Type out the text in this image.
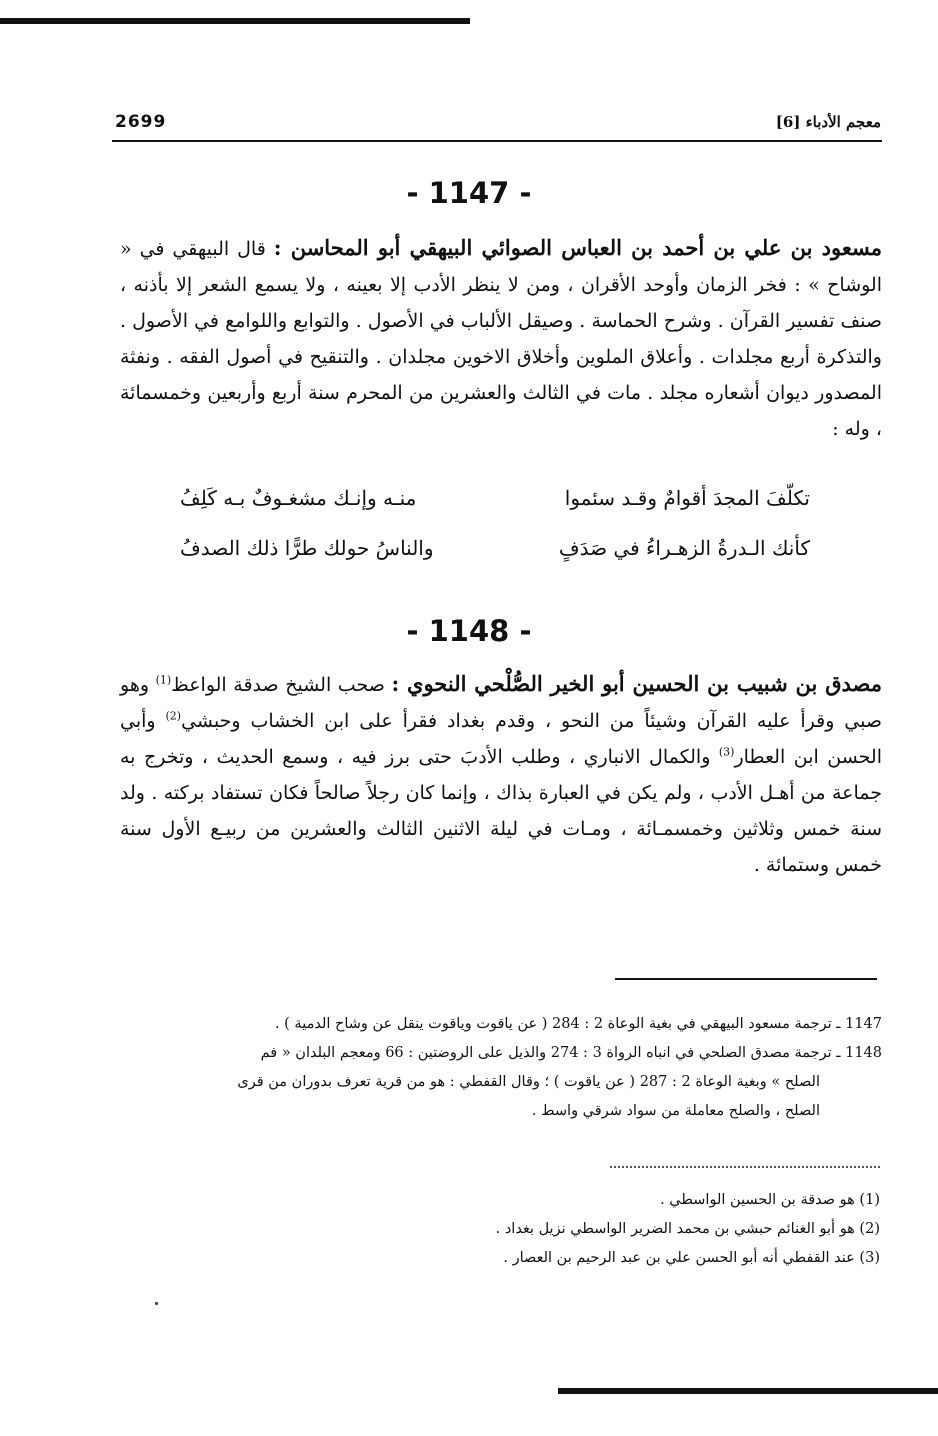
2699	معجم الأدباء [6]
- 1147 -
مسعود بن علي بن أحمد بن العباس الصوائي البيهقي أبو المحاسن : قال البيهقي في « الوشاح » : فخر الزمان وأوحد الأقران ، ومن لا ينظر الأدب إلا بعينه ، ولا يسمع الشعر إلا بأذنه ، صنف تفسير القرآن . وشرح الحماسة . وصيقل الألباب في الأصول . والتوابع واللوامع في الأصول . والتذكرة أربع مجلدات . وأعلاق الملوين وأخلاق الاخوين مجلدان . والتنقيح في أصول الفقه . ونفثة المصدور ديوان أشعاره مجلد . مات في الثالث والعشرين من المحرم سنة أربع وأربعين وخمسمائة ، وله :
تكلّفَ المجدَ أقوامٌ وقـد سئموا
منـه وإنـك مشغـوفٌ بـه كَلِفُ
كأنك الـدرةُ الزهـراءُ في صَدَفٍ
والناسُ حولك طرًّا ذلك الصدفُ
- 1148 -
مصدق بن شبيب بن الحسين أبو الخير الصُّلْحي النحوي : صحب الشيخ صدقة الواعظ$^{(1)}$ وهو صبي وقرأ عليه القرآن وشيئاً من النحو ، وقدم بغداد فقرأ على ابن الخشاب وحبشي$^{(2)}$ وأبي الحسن ابن العطار$^{(3)}$ والكمال الانباري ، وطلب الأدبَ حتى برز فيه ، وسمع الحديث ، وتخرج به جماعة من أهـل الأدب ، ولم يكن في العبارة بذاك ، وإنما كان رجلاً صالحاً فكان تستفاد بركته . ولد سنة خمس وثلاثين وخمسمـائة ، ومـات في ليلة الاثنين الثالث والعشرين من ربيـع الأول سنة خمس وستمائة .
1147 ـ ترجمة مسعود البيهقي في بغية الوعاة 2 : 284 ( عن ياقوت وياقوت ينقل عن وشاح الدمية ) .
1148 ـ ترجمة مصدق الصلحي في انباه الرواة 3 : 274 والذيل على الروضتين : 66 ومعجم البلدان « فم
الصلح » وبغية الوعاة 2 : 287 ( عن ياقوت ) ؛ وقال القفطي : هو من قرية تعرف بدوران من قرى
الصلح ، والصلح معاملة من سواد شرقي واسط .
(1) هو صدقة بن الحسين الواسطي .
(2) هو أبو الغنائم حبشي بن محمد الضرير الواسطي نزيل بغداد .
(3) عند القفطي أنه أبو الحسن علي بن عبد الرحيم بن العصار .
